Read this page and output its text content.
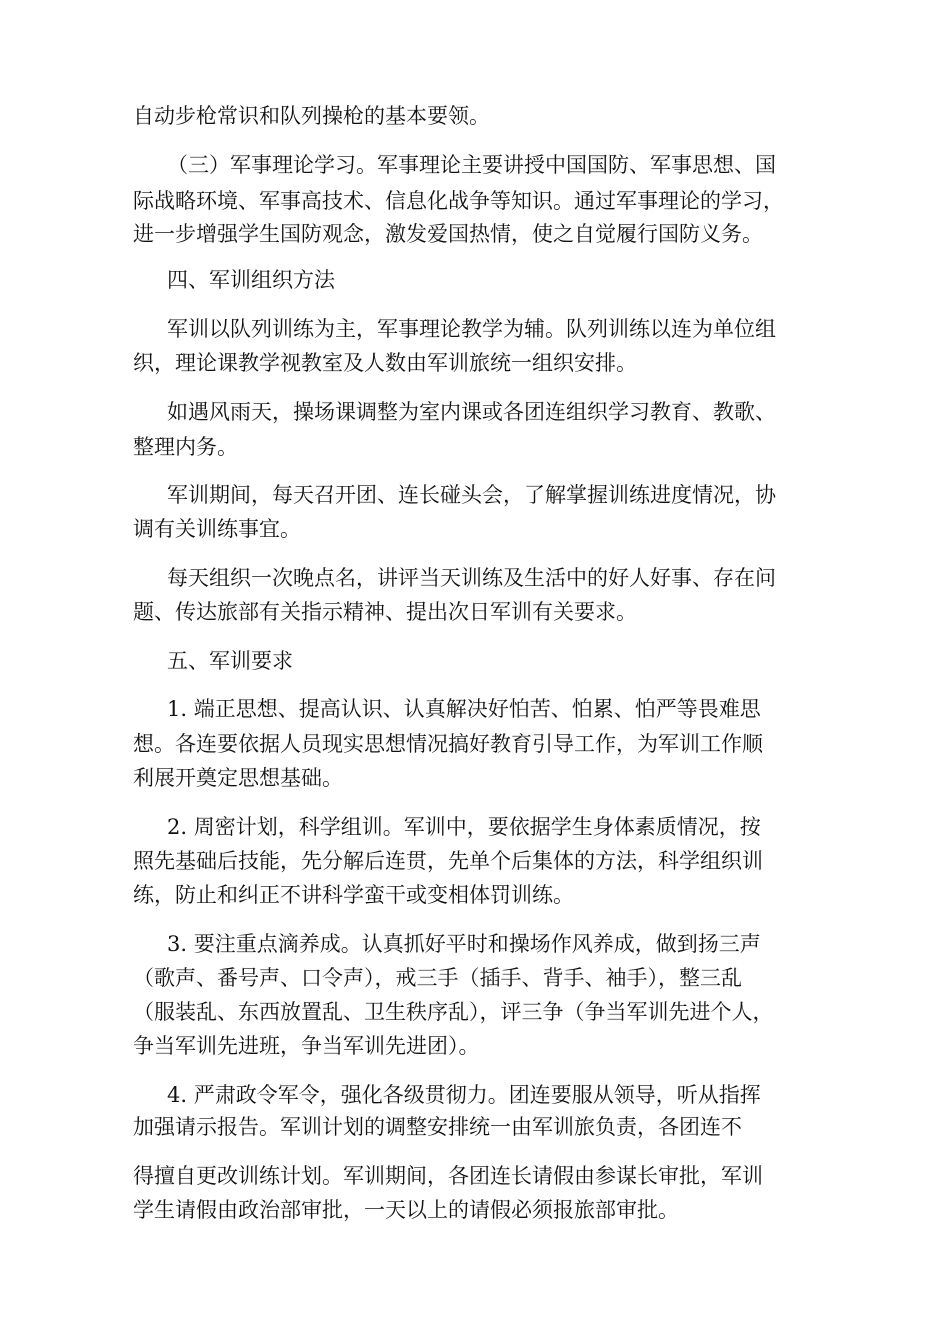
自动步枪常识和队列操枪的基本要领。
（三）军事理论学习。军事理论主要讲授中国国防、军事思想、国
际战略环境、军事高技术、信息化战争等知识。通过军事理论的学习，
进一步增强学生国防观念，激发爱国热情，使之自觉履行国防义务。
四、军训组织方法
军训以队列训练为主，军事理论教学为辅。队列训练以连为单位组
织，理论课教学视教室及人数由军训旅统一组织安排。
如遇风雨天，操场课调整为室内课或各团连组织学习教育、教歌、
整理内务。
军训期间，每天召开团、连长碰头会，了解掌握训练进度情况，协
调有关训练事宜。
每天组织一次晚点名，讲评当天训练及生活中的好人好事、存在问
题、传达旅部有关指示精神、提出次日军训有关要求。
五、军训要求
1. 端正思想、提高认识、认真解决好怕苦、怕累、怕严等畏难思
想。各连要依据人员现实思想情况搞好教育引导工作，为军训工作顺
利展开奠定思想基础。
2. 周密计划，科学组训。军训中，要依据学生身体素质情况，按
照先基础后技能，先分解后连贯，先单个后集体的方法，科学组织训
练，防止和纠正不讲科学蛮干或变相体罚训练。
3. 要注重点滴养成。认真抓好平时和操场作风养成，做到扬三声
（歌声、番号声、口令声），戒三手（插手、背手、袖手），整三乱
（服装乱、东西放置乱、卫生秩序乱），评三争（争当军训先进个人，
争当军训先进班，争当军训先进团）。
4. 严肃政令军令，强化各级贯彻力。团连要服从领导，听从指挥
加强请示报告。军训计划的调整安排统一由军训旅负责，各团连不
得擅自更改训练计划。军训期间，各团连长请假由参谋长审批，军训
学生请假由政治部审批，一天以上的请假必须报旅部审批。
